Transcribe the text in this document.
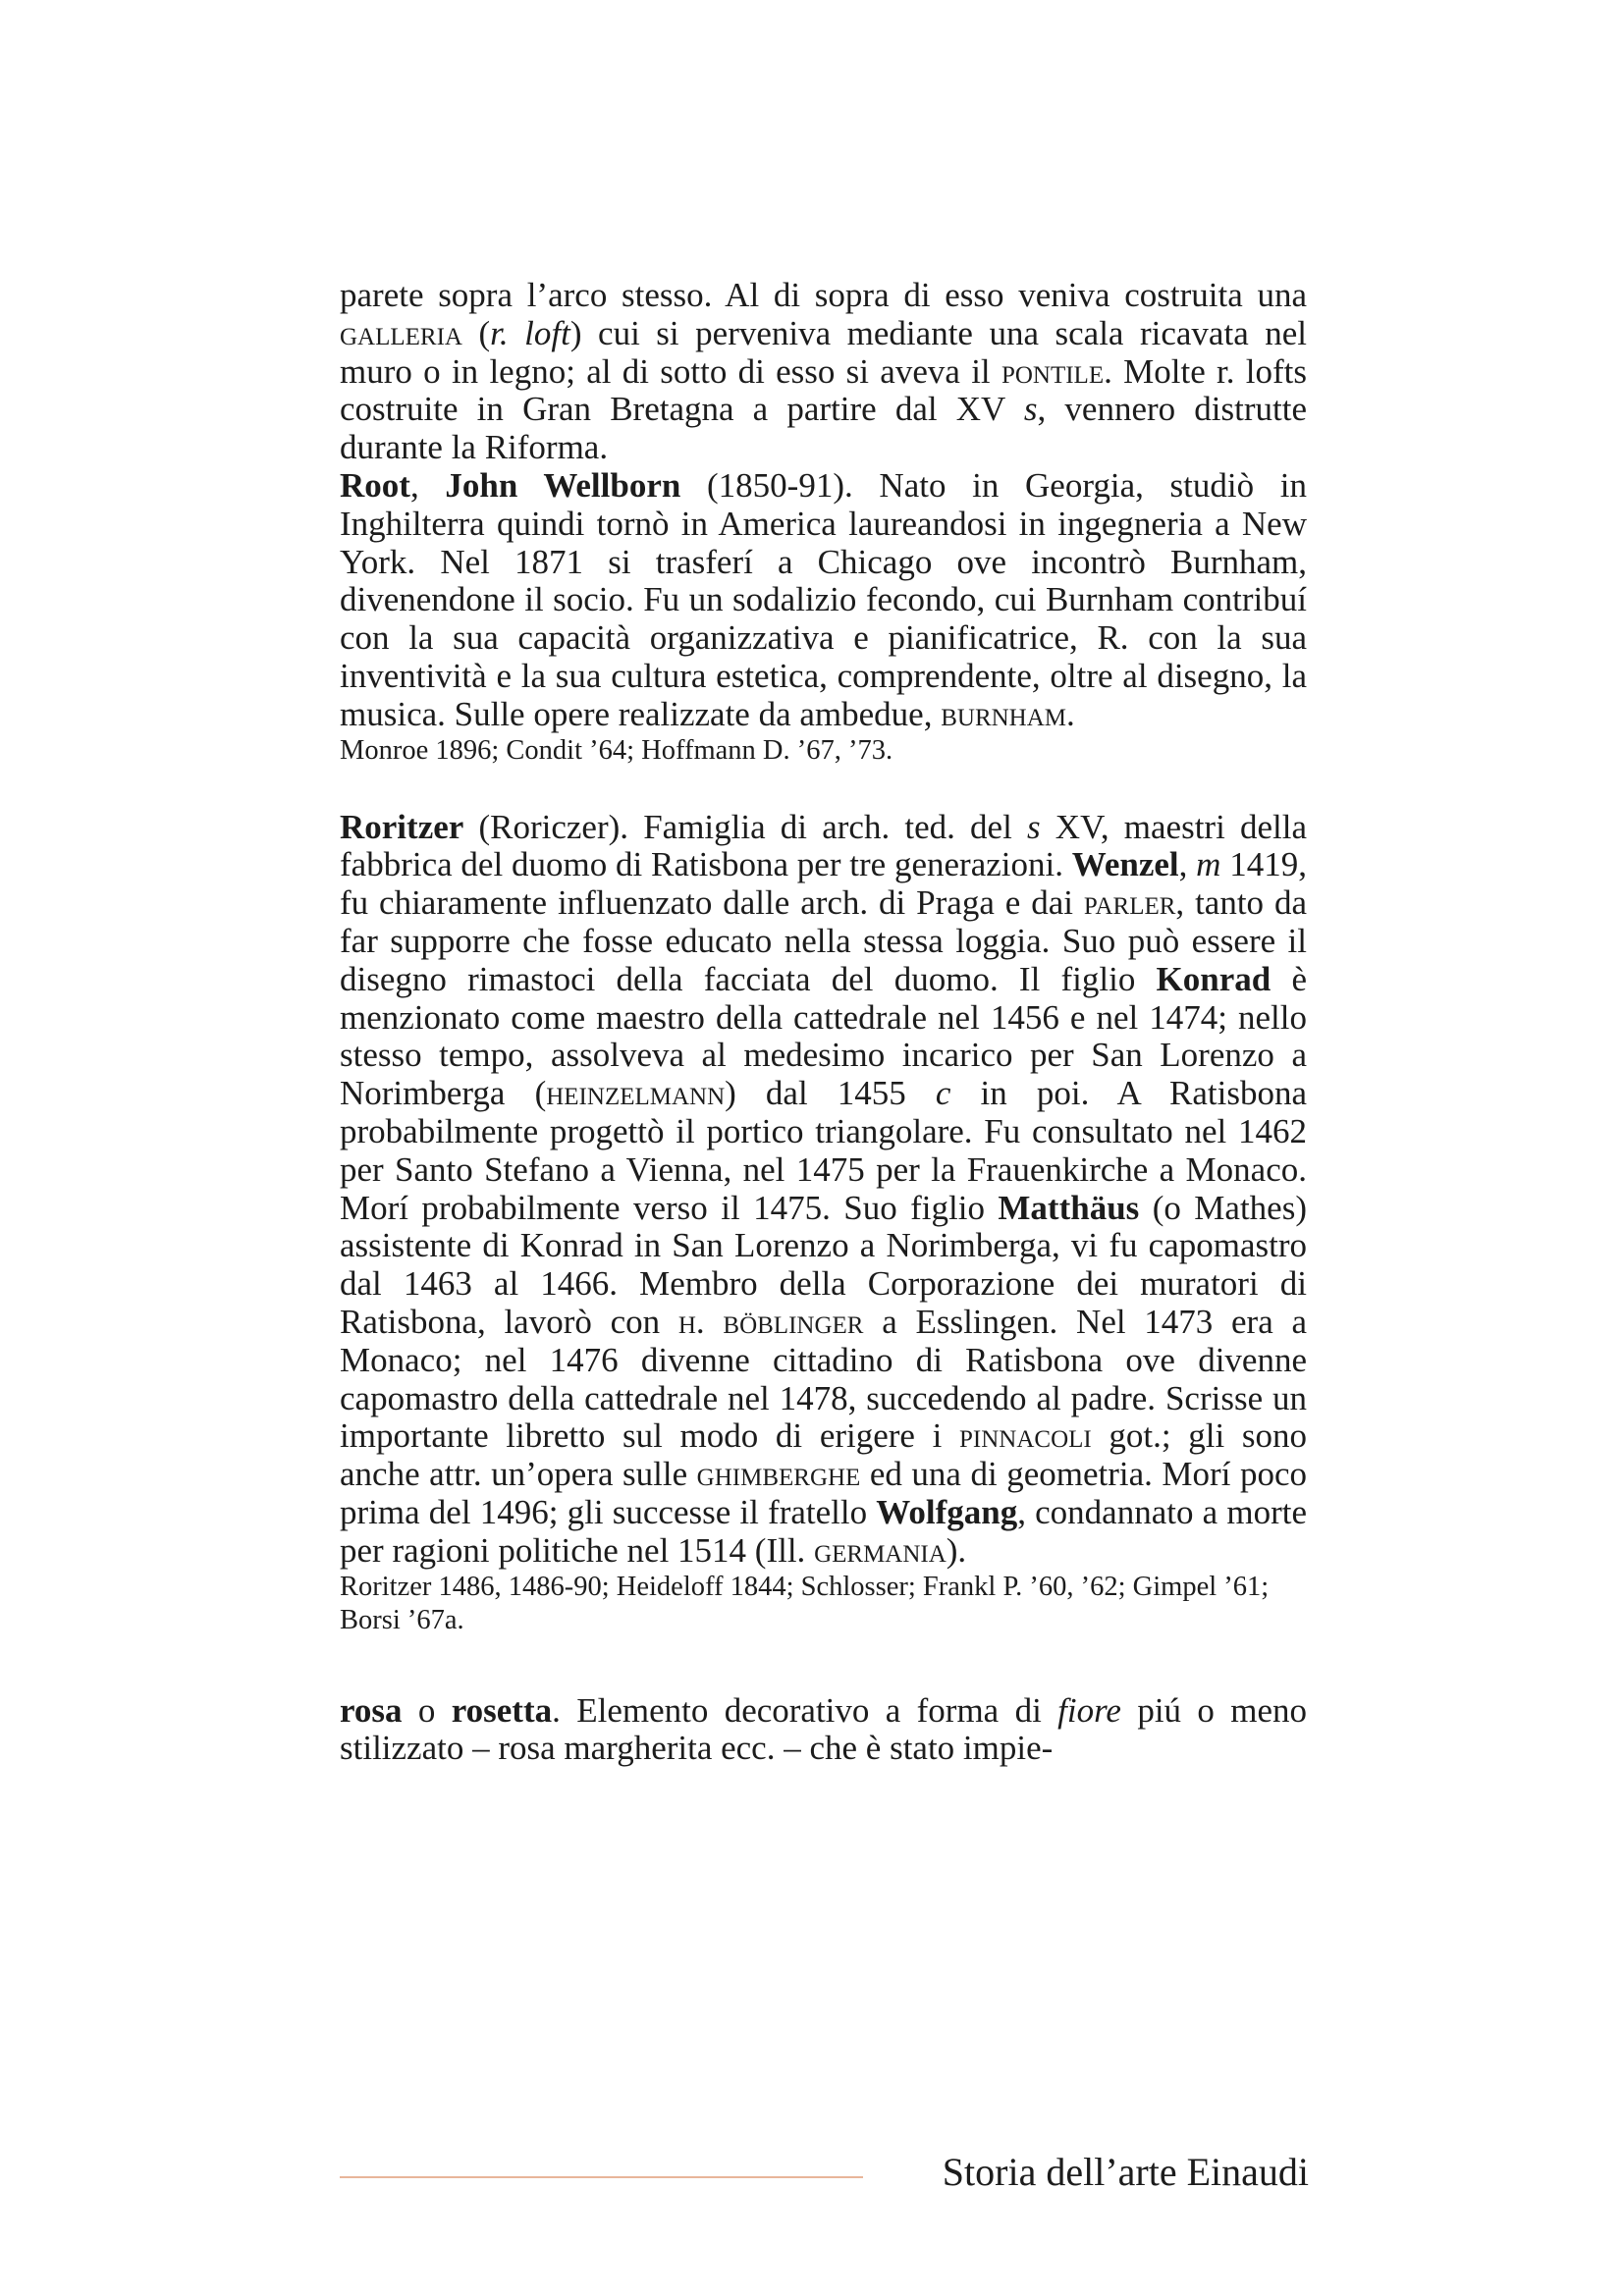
parete sopra l’arco stesso. Al di sopra di esso veniva costruita una galleria (r. loft) cui si perveniva mediante una scala ricavata nel muro o in legno; al di sotto di esso si aveva il pontile. Molte r. lofts costruite in Gran Bretagna a partire dal XV s, vennero distrutte durante la Riforma.

Root, John Wellborn (1850-91). Nato in Georgia, studiò in Inghilterra quindi tornò in America laureandosi in ingegneria a New York. Nel 1871 si trasferí a Chicago ove incontrò Burnham, divenendone il socio. Fu un sodalizio fecondo, cui Burnham contribuí con la sua capacità organizzativa e pianificatrice, R. con la sua inventività e la sua cultura estetica, comprendente, oltre al disegno, la musica. Sulle opere realizzate da ambedue, burnham.

Monroe 1896; Condit ’64; Hoffmann D. ’67, ’73.

Roritzer (Roriczer). Famiglia di arch. ted. del s XV, maestri della fabbrica del duomo di Ratisbona per tre generazioni. Wenzel, m 1419, fu chiaramente influenzato dalle arch. di Praga e dai parler, tanto da far supporre che fosse educato nella stessa loggia. Suo può essere il disegno rimastoci della facciata del duomo. Il figlio Konrad è menzionato come maestro della cattedrale nel 1456 e nel 1474; nello stesso tempo, assolveva al medesimo incarico per San Lorenzo a Norimberga (heinzelmann) dal 1455 c in poi. A Ratisbona probabilmente progettò il portico triangolare. Fu consultato nel 1462 per Santo Stefano a Vienna, nel 1475 per la Frauenkirche a Monaco. Morí probabilmente verso il 1475. Suo figlio Matthäus (o Mathes) assistente di Konrad in San Lorenzo a Norimberga, vi fu capomastro dal 1463 al 1466. Membro della Corporazione dei muratori di Ratisbona, lavorò con h. böblinger a Esslingen. Nel 1473 era a Monaco; nel 1476 divenne cittadino di Ratisbona ove divenne capomastro della cattedrale nel 1478, succedendo al padre. Scrisse un importante libretto sul modo di erigere i pinnacoli got.; gli sono anche attr. un’opera sulle ghimberghe ed una di geometria. Morí poco prima del 1496; gli successe il fratello Wolfgang, condannato a morte per ragioni politiche nel 1514 (Ill. germania).

Roritzer 1486, 1486-90; Heideloff 1844; Schlosser; Frankl P. ’60, ’62; Gimpel ’61; Borsi ’67a.

rosa o rosetta. Elemento decorativo a forma di fiore piú o meno stilizzato – rosa margherita ecc. – che è stato impie-

Storia dell’arte Einaudi
